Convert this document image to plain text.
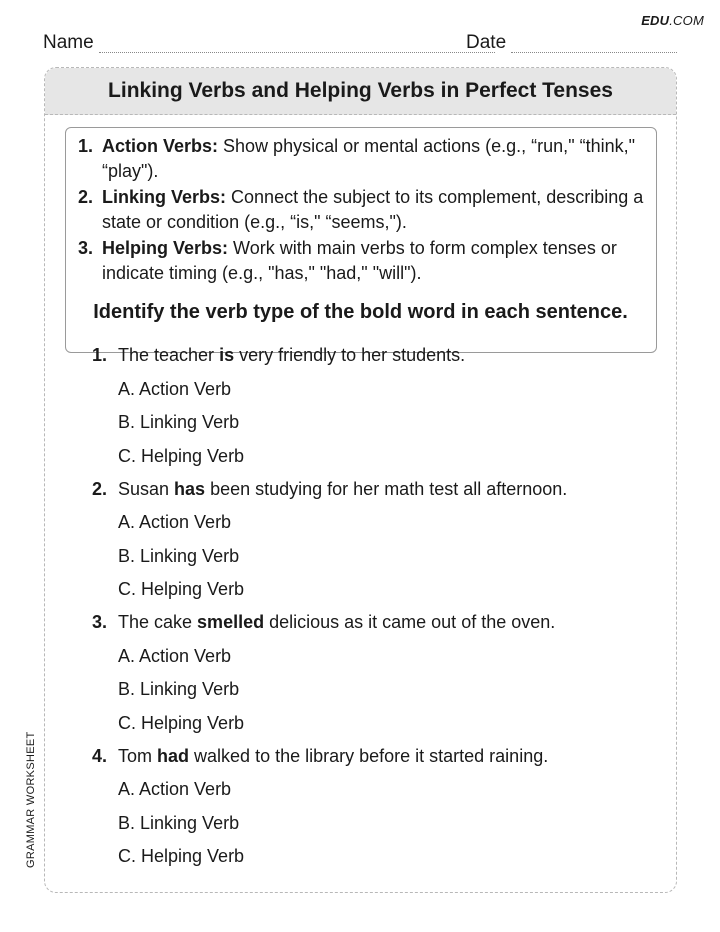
EDU.COM
Name	Date
Linking Verbs and Helping Verbs in Perfect Tenses
1. Action Verbs: Show physical or mental actions (e.g., “run," “think," “play").
2. Linking Verbs: Connect the subject to its complement, describing a state or condition (e.g., “is," “seems,").
3. Helping Verbs: Work with main verbs to form complex tenses or indicate timing (e.g., "has," "had," "will").
Identify the verb type of the bold word in each sentence.
1. The teacher is very friendly to her students.
A. Action Verb
B. Linking Verb
C. Helping Verb
2. Susan has been studying for her math test all afternoon.
A. Action Verb
B. Linking Verb
C. Helping Verb
3. The cake smelled delicious as it came out of the oven.
A. Action Verb
B. Linking Verb
C. Helping Verb
4. Tom had walked to the library before it started raining.
A. Action Verb
B. Linking Verb
C. Helping Verb
GRAMMAR WORKSHEET
